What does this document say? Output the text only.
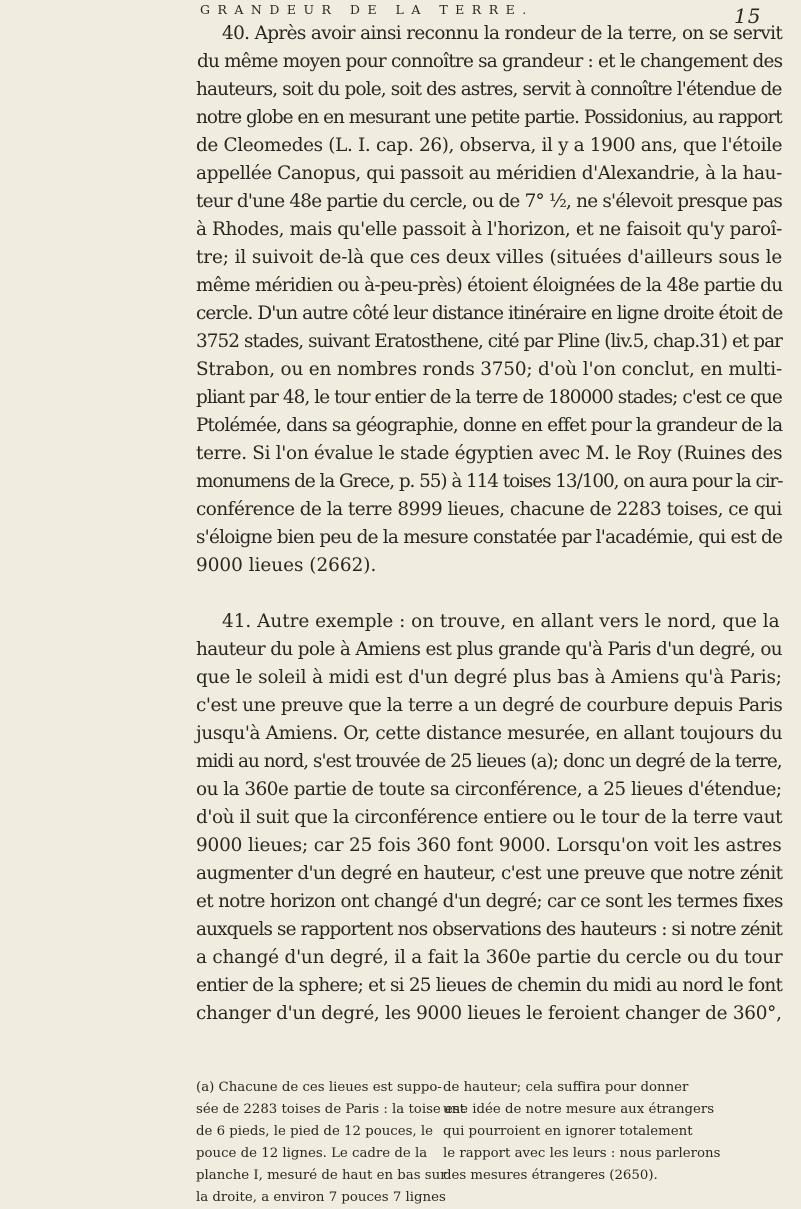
GRANDEUR DE LA TERRE.	15
40. Après avoir ainsi reconnu la rondeur de la terre, on se servit
du même moyen pour connoître sa grandeur : et le changement des
hauteurs, soit du pole, soit des astres, servit à connoître l'étendue de
notre globe en en mesurant une petite partie. Possidonius, au rapport
de Cleomedes (L. I. cap. 26), observa, il y a 1900 ans, que l'étoile
appellée Canopus, qui passoit au méridien d'Alexandrie, à la hau-
teur d'une 48e partie du cercle, ou de 7° ½, ne s'élevoit presque pas
à Rhodes, mais qu'elle passoit à l'horizon, et ne faisoit qu'y paroî-
tre; il suivoit de-là que ces deux villes (situées d'ailleurs sous le
même méridien ou à-peu-près) étoient éloignées de la 48e partie du
cercle. D'un autre côté leur distance itinéraire en ligne droite étoit de
3752 stades, suivant Eratosthene, cité par Pline (liv.5, chap.31) et par
Strabon, ou en nombres ronds 3750; d'où l'on conclut, en multi-
pliant par 48, le tour entier de la terre de 180000 stades; c'est ce que
Ptolémée, dans sa géographie, donne en effet pour la grandeur de la
terre. Si l'on évalue le stade égyptien avec M. le Roy (Ruines des
monumens de la Grece, p. 55) à 114 toises 13/100, on aura pour la cir-
conférence de la terre 8999 lieues, chacune de 2283 toises, ce qui
s'éloigne bien peu de la mesure constatée par l'académie, qui est de
9000 lieues (2662).
41. Autre exemple : on trouve, en allant vers le nord, que la
hauteur du pole à Amiens est plus grande qu'à Paris d'un degré, ou
que le soleil à midi est d'un degré plus bas à Amiens qu'à Paris;
c'est une preuve que la terre a un degré de courbure depuis Paris
jusqu'à Amiens. Or, cette distance mesurée, en allant toujours du
midi au nord, s'est trouvée de 25 lieues (a); donc un degré de la terre,
ou la 360e partie de toute sa circonférence, a 25 lieues d'étendue;
d'où il suit que la circonférence entiere ou le tour de la terre vaut
9000 lieues; car 25 fois 360 font 9000. Lorsqu'on voit les astres
augmenter d'un degré en hauteur, c'est une preuve que notre zénit
et notre horizon ont changé d'un degré; car ce sont les termes fixes
auxquels se rapportent nos observations des hauteurs : si notre zénit
a changé d'un degré, il a fait la 360e partie du cercle ou du tour
entier de la sphere; et si 25 lieues de chemin du midi au nord le font
changer d'un degré, les 9000 lieues le feroient changer de 360°,
(a) Chacune de ces lieues est suppo-
sée de 2283 toises de Paris : la toise est
de 6 pieds, le pied de 12 pouces, le
pouce de 12 lignes. Le cadre de la
planche I, mesuré de haut en bas sur
la droite, a environ 7 pouces 7 lignes
de hauteur; cela suffira pour donner
une idée de notre mesure aux étrangers
qui pourroient en ignorer totalement
le rapport avec les leurs : nous parlerons
des mesures étrangeres (2650).
